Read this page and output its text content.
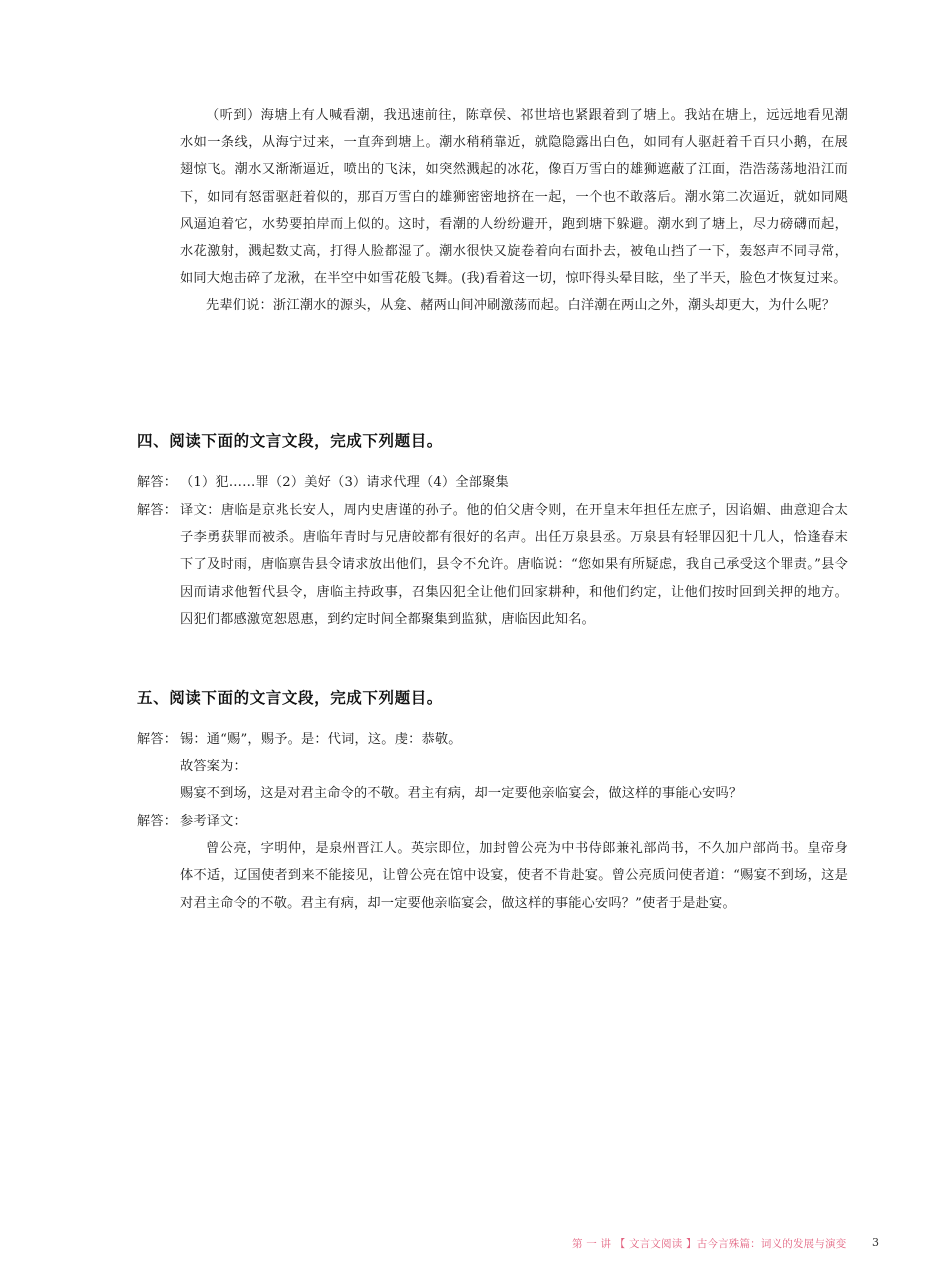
（听到）海塘上有人喊看潮，我迅速前往，陈章侯、祁世培也紧跟着到了塘上。我站在塘上，远远地看见潮水如一条线，从海宁过来，一直奔到塘上。潮水稍稍靠近，就隐隐露出白色，如同有人驱赶着千百只小鹅，在展翅惊飞。潮水又渐渐逼近，喷出的飞沫，如突然溅起的冰花，像百万雪白的雄狮遮蔽了江面，浩浩荡荡地沿江而下，如同有怒雷驱赶着似的，那百万雪白的雄狮密密地挤在一起，一个也不敢落后。潮水第二次逼近，就如同飓风逼迫着它，水势要拍岸而上似的。这时，看潮的人纷纷避开，跑到塘下躲避。潮水到了塘上，尽力磅礴而起，水花激射，溅起数丈高，打得人脸都湿了。潮水很快又旋卷着向右面扑去，被龟山挡了一下，轰怒声不同寻常，如同大炮击碎了龙湫，在半空中如雪花般飞舞。(我)看着这一切，惊吓得头晕目眩，坐了半天，脸色才恢复过来。

先辈们说：浙江潮水的源头，从龛、赭两山间冲刷激荡而起。白洋潮在两山之外，潮头却更大，为什么呢？

四、阅读下面的文言文段，完成下列题目。
解答： （1）犯……罪（2）美好（3）请求代理（4）全部聚集

解答： 译文：唐临是京兆长安人，周内史唐谨的孙子。他的伯父唐令则，在开皇末年担任左庶子，因谄媚、曲意迎合太子李勇获罪而被杀。唐临年青时与兄唐皎都有很好的名声。出任万泉县丞。万泉县有轻罪囚犯十几人，恰逢春末下了及时雨，唐临禀告县令请求放出他们，县令不允许。唐临说：“您如果有所疑虑，我自己承受这个罪责。”县令因而请求他暂代县令，唐临主持政事，召集囚犯全让他们回家耕种，和他们约定，让他们按时回到关押的地方。囚犯们都感激宽恕恩惠，到约定时间全都聚集到监狱，唐临因此知名。

五、阅读下面的文言文段，完成下列题目。
解答： 锡：通“赐”，赐予。是：代词，这。虔：恭敬。

故答案为：

赐宴不到场，这是对君主命令的不敬。君主有病，却一定要他亲临宴会，做这样的事能心安吗？

解答： 参考译文：

曾公亮，字明仲，是泉州晋江人。英宗即位，加封曾公亮为中书侍郎兼礼部尚书，不久加户部尚书。皇帝身体不适，辽国使者到来不能接见，让曾公亮在馆中设宴，使者不肯赴宴。曾公亮质问使者道：“赐宴不到场，这是对君主命令的不敬。君主有病，却一定要他亲临宴会，做这样的事能心安吗？”使者于是赴宴。

第 一 讲 【 文言文阅读 】古今言殊篇：词义的发展与演变 3
